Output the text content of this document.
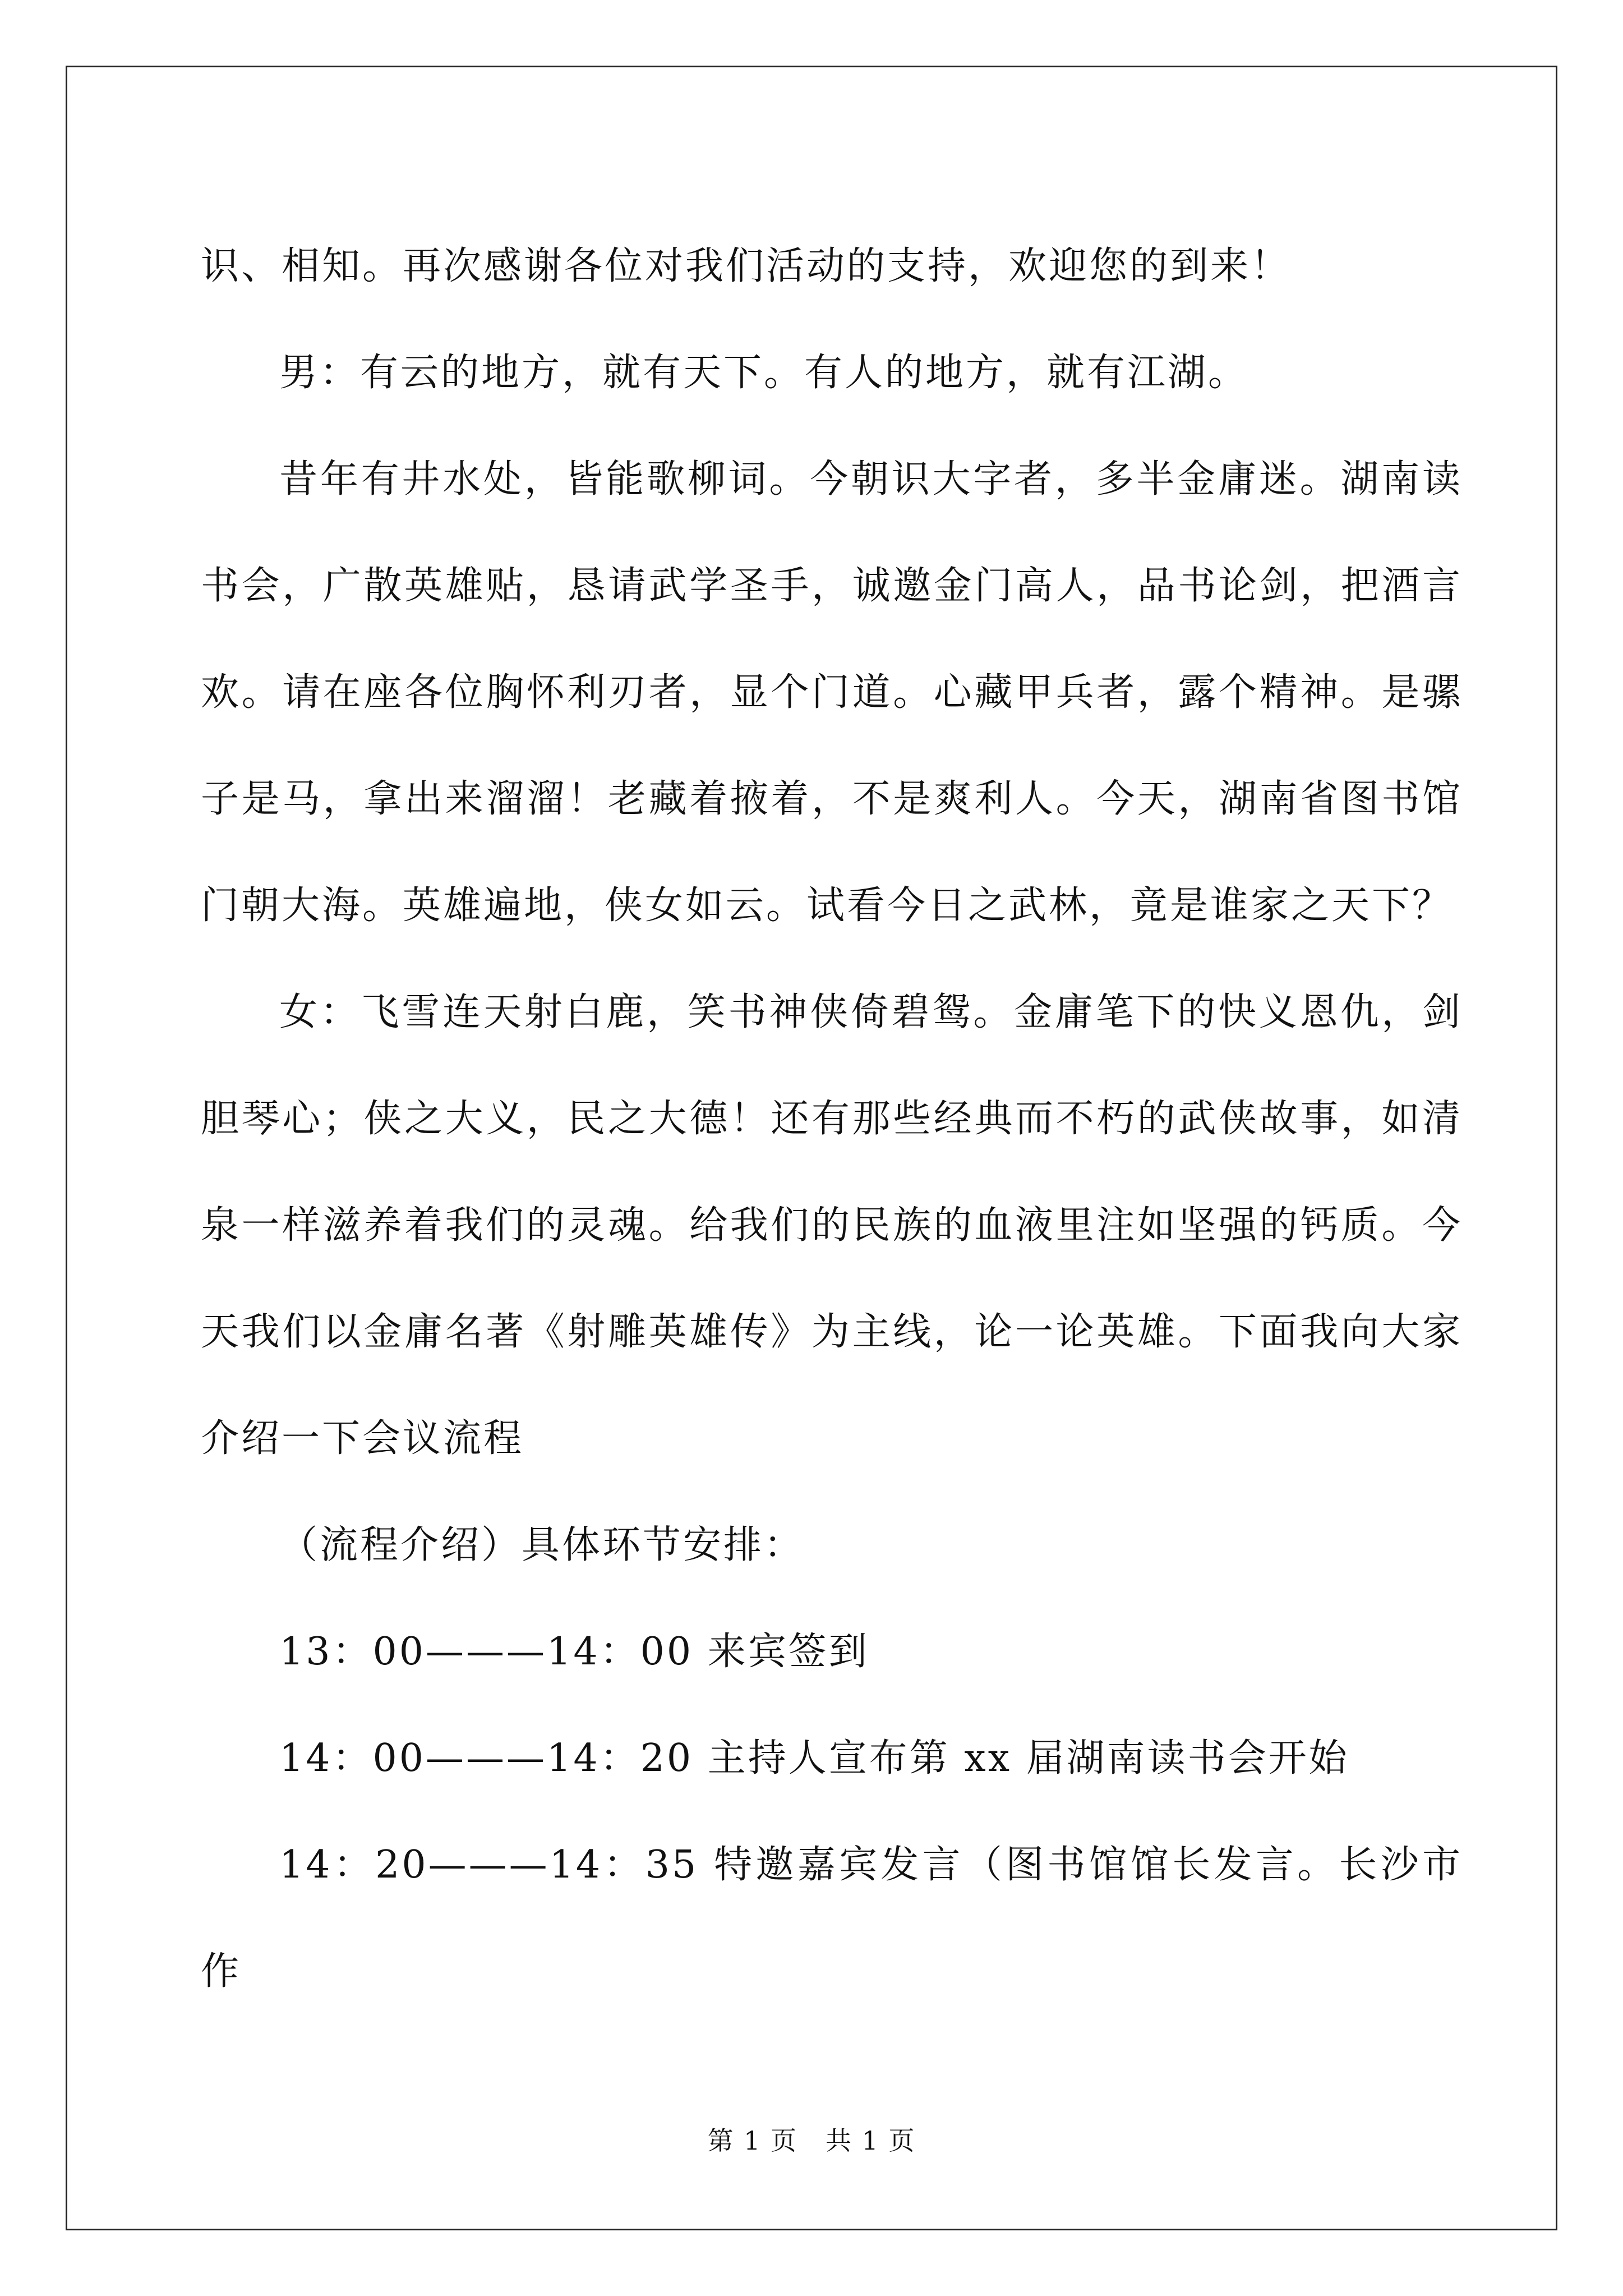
识、相知。再次感谢各位对我们活动的支持，欢迎您的到来！

男：有云的地方，就有天下。有人的地方，就有江湖。

昔年有井水处，皆能歌柳词。今朝识大字者，多半金庸迷。湖南读书会，广散英雄贴，恳请武学圣手，诚邀金门高人，品书论剑，把酒言欢。请在座各位胸怀利刃者，显个门道。心藏甲兵者，露个精神。是骡子是马，拿出来溜溜！老藏着掖着，不是爽利人。今天，湖南省图书馆门朝大海。英雄遍地，侠女如云。试看今日之武林，竟是谁家之天下？

女：飞雪连天射白鹿，笑书神侠倚碧鸳。金庸笔下的快义恩仇，剑胆琴心；侠之大义，民之大德！还有那些经典而不朽的武侠故事，如清泉一样滋养着我们的灵魂。给我们的民族的血液里注如坚强的钙质。今天我们以金庸名著《射雕英雄传》为主线，论一论英雄。下面我向大家介绍一下会议流程

（流程介绍）具体环节安排：

13：00———14：00 来宾签到

14：00———14：20 主持人宣布第 xx 届湖南读书会开始

14：20———14：35 特邀嘉宾发言（图书馆馆长发言。长沙市作

第 1 页 共 1 页
